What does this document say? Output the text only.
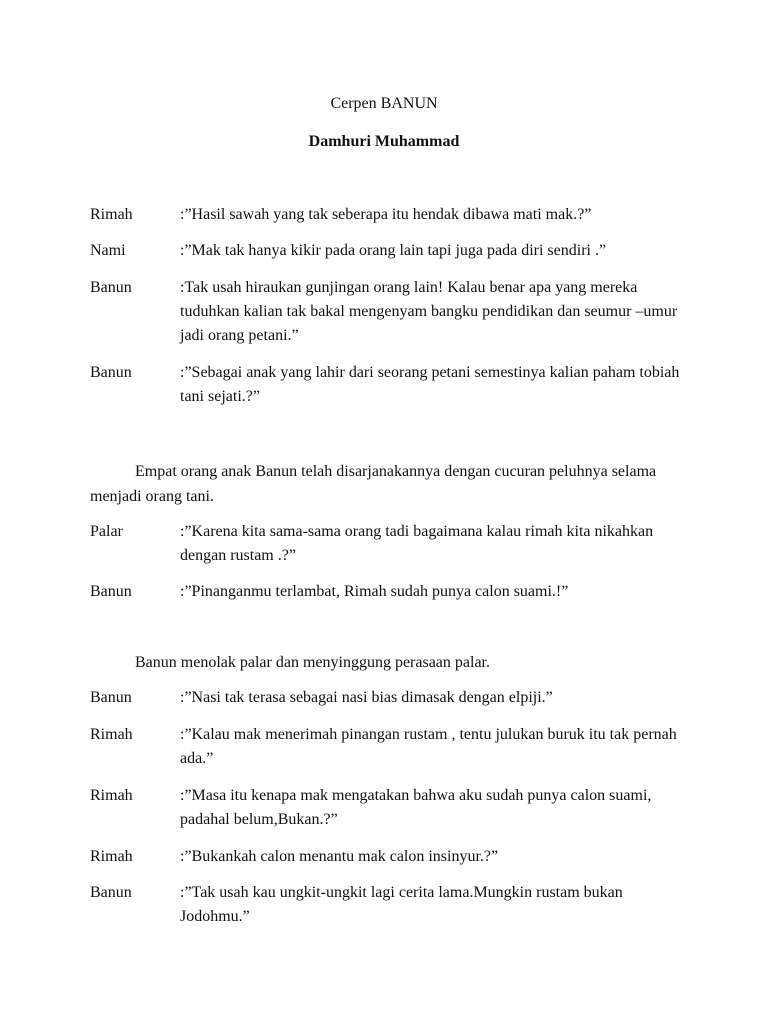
Cerpen BANUN
Damhuri Muhammad
Rimah	:”Hasil sawah yang tak seberapa itu hendak dibawa mati mak.?”
Nami	:”Mak tak hanya kikir pada orang lain tapi juga pada diri sendiri .”
Banun	:Tak usah hiraukan gunjingan orang lain! Kalau benar apa yang mereka tuduhkan kalian tak bakal mengenyam bangku pendidikan dan seumur –umur jadi orang petani.”
Banun	:”Sebagai anak yang lahir dari seorang petani semestinya kalian paham tobiah tani sejati.?”
Empat orang anak Banun telah disarjanakannya dengan cucuran peluhnya selama menjadi orang tani.
Palar	:”Karena kita sama-sama orang tadi bagaimana kalau rimah kita nikahkan dengan rustam .?”
Banun	:”Pinanganmu terlambat, Rimah sudah punya calon suami.!”
Banun menolak palar dan menyinggung perasaan palar.
Banun	:”Nasi tak terasa sebagai nasi bias dimasak dengan elpiji.”
Rimah	:”Kalau mak menerimah pinangan rustam , tentu julukan buruk itu tak pernah ada.”
Rimah	:”Masa itu kenapa mak mengatakan bahwa aku sudah punya calon suami, padahal belum,Bukan.?”
Rimah	:”Bukankah calon menantu mak calon insinyur.?”
Banun	:”Tak usah kau ungkit-ungkit lagi cerita lama.Mungkin rustam bukan Jodohmu.”
